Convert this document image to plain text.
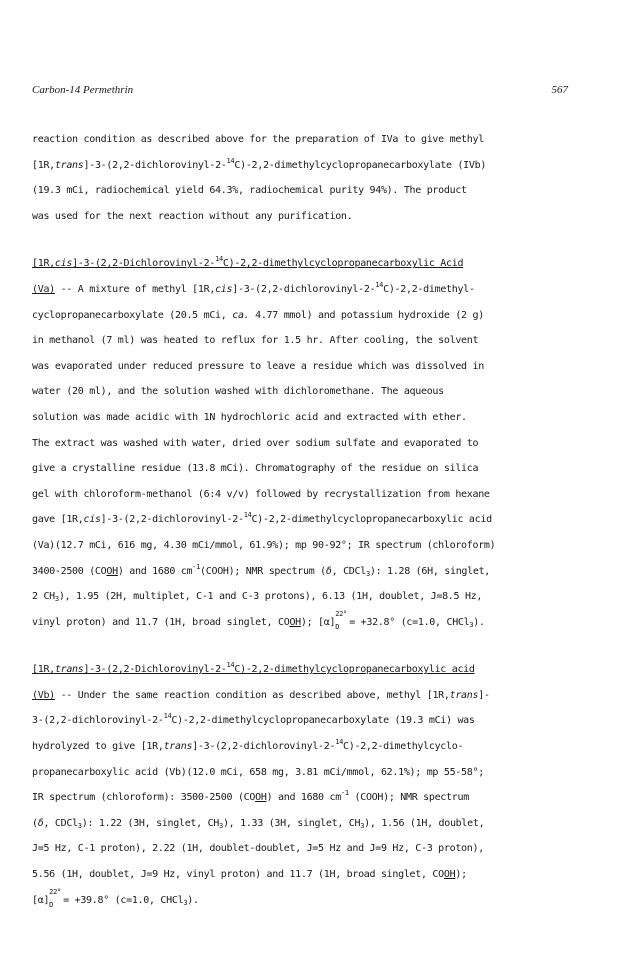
Carbon-14 Permethrin	567
reaction condition as described above for the preparation of IVa to give methyl
[1R,trans]-3-(2,2-dichlorovinyl-2-$^{14}$C)-2,2-dimethylcyclopropanecarboxylate (IVb)
(19.3 mCi, radiochemical yield 64.3%, radiochemical purity 94%). The product
was used for the next reaction without any purification.
[1R,cis]-3-(2,2-Dichlorovinyl-2-$^{14}$C)-2,2-dimethylcyclopropanecarboxylic Acid
(Va) -- A mixture of methyl [1R,cis]-3-(2,2-dichlorovinyl-2-$^{14}$C)-2,2-dimethyl-
cyclopropanecarboxylate (20.5 mCi, ca. 4.77 mmol) and potassium hydroxide (2 g)
in methanol (7 ml) was heated to reflux for 1.5 hr. After cooling, the solvent
was evaporated under reduced pressure to leave a residue which was dissolved in
water (20 ml), and the solution washed with dichloromethane. The aqueous
solution was made acidic with 1N hydrochloric acid and extracted with ether.
The extract was washed with water, dried over sodium sulfate and evaporated to
give a crystalline residue (13.8 mCi). Chromatography of the residue on silica
gel with chloroform-methanol (6:4 v/v) followed by recrystallization from hexane
gave [1R,cis]-3-(2,2-dichlorovinyl-2-$^{14}$C)-2,2-dimethylcyclopropanecarboxylic acid
(Va)(12.7 mCi, 616 mg, 4.30 mCi/mmol, 61.9%); mp 90-92°; IR spectrum (chloroform)
3400-2500 (COOH) and 1680 $cm^{-1}(COOH)$; NMR spectrum (δ, CDCl$_3$): 1.28 (6H, singlet,
2 $CH_3$), 1.95 (2H, multiplet, C-1 and C-3 protons), 6.13 (1H, doublet, J=8.5 Hz,
vinyl proton) and 11.7 (1H, broad singlet, COOH); [α]
22°
D = +32.8° (c=1.0, CHCl$_3$).
[1R,trans]-3-(2,2-Dichlorovinyl-2-$^{14}$C)-2,2-dimethylcyclopropanecarboxylic acid
(Vb) -- Under the same reaction condition as described above, methyl [1R,trans]-
3-(2,2-dichlorovinyl-2-$^{14}$C)-2,2-dimethylcyclopropanecarboxylate (19.3 mCi) was
hydrolyzed to give [1R,trans]-3-(2,2-dichlorovinyl-2-$^{14}$C)-2,2-dimethylcyclo-
propanecarboxylic acid (Vb)(12.0 mCi, 658 mg, 3.81 mCi/mmol, 62.1%); mp 55-58°;
IR spectrum (chloroform): 3500-2500 (COOH) and 1680 $cm^{-1}$ (COOH); NMR spectrum
(δ, CDCl$_3$): 1.22 (3H, singlet, $CH_3$), 1.33 (3H, singlet, $CH_3$), 1.56 (1H, doublet,
J=5 Hz, C-1 proton), 2.22 (1H, doublet-doublet, J=5 Hz and J=9 Hz, C-3 proton),
5.56 (1H, doublet, J=9 Hz, vinyl proton) and 11.7 (1H, broad singlet, COOH);
[α]
22°
D = +39.8° (c=1.0, CHCl$_3$).
